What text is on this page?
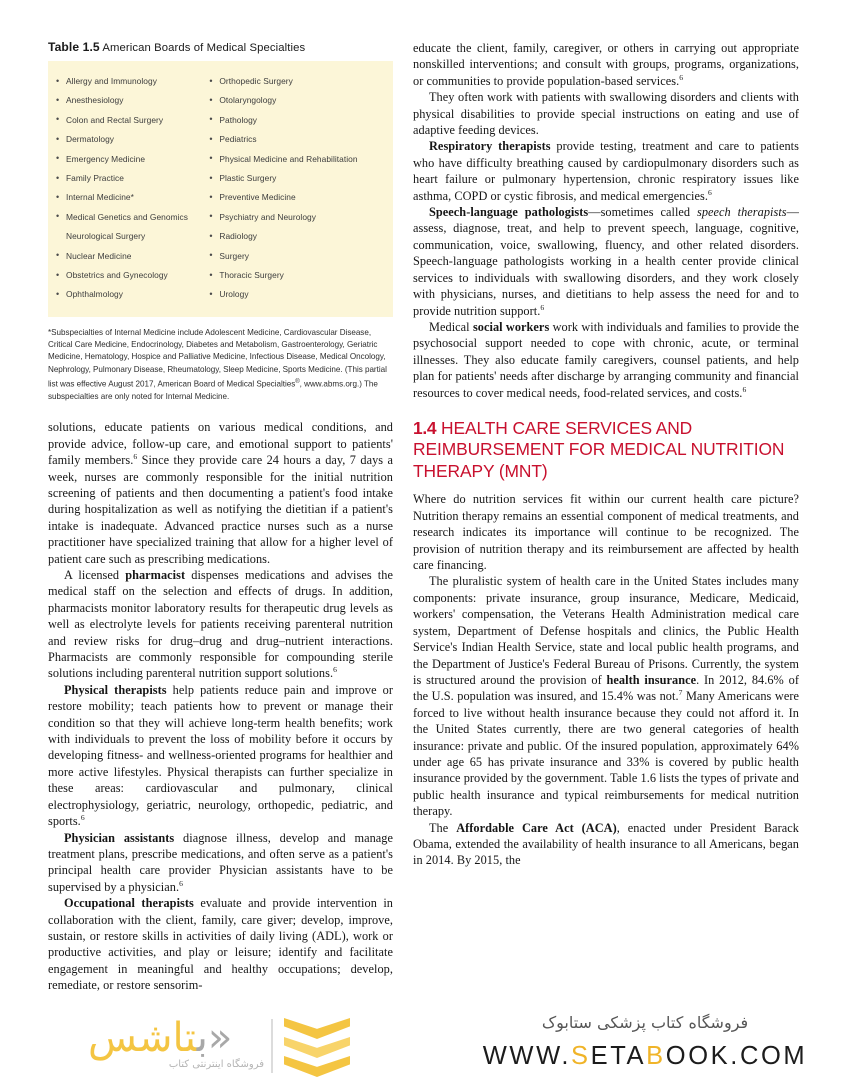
Table 1.5 American Boards of Medical Specialties
• Allergy and Immunology
• Anesthesiology
• Colon and Rectal Surgery
• Dermatology
• Emergency Medicine
• Family Practice
• Internal Medicine*
• Medical Genetics and Genomics Neurological Surgery
• Nuclear Medicine
• Obstetrics and Gynecology
• Ophthalmology
• Orthopedic Surgery
• Otolaryngology
• Pathology
• Pediatrics
• Physical Medicine and Rehabilitation
• Plastic Surgery
• Preventive Medicine
• Psychiatry and Neurology
• Radiology
• Surgery
• Thoracic Surgery
• Urology
*Subspecialties of Internal Medicine include Adolescent Medicine, Cardiovascular Disease, Critical Care Medicine, Endocrinology, Diabetes and Metabolism, Gastroenterology, Geriatric Medicine, Hematology, Hospice and Palliative Medicine, Infectious Disease, Medical Oncology, Nephrology, Pulmonary Disease, Rheumatology, Sleep Medicine, Sports Medicine. (This partial list was effective August 2017, American Board of Medical Specialties®, www.abms.org.) The subspecialties are only noted for Internal Medicine.

solutions, educate patients on various medical conditions, and provide advice, follow-up care, and emotional support to patients' family members.$^6$ Since they provide care 24 hours a day, 7 days a week, nurses are commonly responsible for the initial nutrition screening of patients and then documenting a patient's food intake during hospitalization as well as notifying the dietitian if a patient's intake is inadequate. Advanced practice nurses such as a nurse practitioner have specialized training that allow for a higher level of patient care such as prescribing medications.

A licensed pharmacist dispenses medications and advises the medical staff on the selection and effects of drugs. In addition, pharmacists monitor laboratory results for therapeutic drug levels as well as electrolyte levels for patients receiving parenteral nutrition and review risks for drug–drug and drug–nutrient interactions. Pharmacists are commonly responsible for compounding sterile solutions including parenteral nutrition support solutions.$^6$

Physical therapists help patients reduce pain and improve or restore mobility; teach patients how to prevent or manage their condition so that they will achieve long-term health benefits; work with individuals to prevent the loss of mobility before it occurs by developing fitness- and wellness-oriented programs for healthier and more active lifestyles. Physical therapists can further specialize in these areas: cardiovascular and pulmonary, clinical electrophysiology, geriatric, neurology, orthopedic, pediatric, and sports.$^6$

Physician assistants diagnose illness, develop and manage treatment plans, prescribe medications, and often serve as a patient's principal health care provider Physician assistants have to be supervised by a physician.$^6$

Occupational therapists evaluate and provide intervention in collaboration with the client, family, care giver; develop, improve, sustain, or restore skills in activities of daily living (ADL), work or productive activities, and play or leisure; identify and facilitate engagement in meaningful and healthy occupations; develop, remediate, or restore sensorim-

educate the client, family, caregiver, or others in carrying out appropriate nonskilled interventions; and consult with groups, programs, organizations, or communities to provide population-based services.$^6$

They often work with patients with swallowing disorders and clients with physical disabilities to provide special instructions on eating and use of adaptive feeding devices.

Respiratory therapists provide testing, treatment and care to patients who have difficulty breathing caused by cardiopulmonary disorders such as heart failure or pulmonary hypertension, chronic respiratory issues like asthma, COPD or cystic fibrosis, and medical emergencies.$^6$

Speech-language pathologists—sometimes called speech therapists—assess, diagnose, treat, and help to prevent speech, language, cognitive, communication, voice, swallowing, fluency, and other related disorders. Speech-language pathologists working in a health center provide clinical services to individuals with swallowing disorders, and they work closely with physicians, nurses, and dietitians to help assess the need for and to provide nutrition support.$^6$

Medical social workers work with individuals and families to provide the psychosocial support needed to cope with chronic, acute, or terminal illnesses. They also educate family caregivers, counsel patients, and help plan for patients' needs after discharge by arranging community and financial resources to cover medical needs, food-related services, and costs.$^6$

1.4 HEALTH CARE SERVICES AND REIMBURSEMENT FOR MEDICAL NUTRITION THERAPY (MNT)

Where do nutrition services fit within our current health care picture? Nutrition therapy remains an essential component of medical treatments, and research indicates its importance will continue to be recognized. The provision of nutrition therapy and its reimbursement are affected by health care financing.

The pluralistic system of health care in the United States includes many components: private insurance, group insurance, Medicare, Medicaid, workers' compensation, the Veterans Health Administration medical care system, Department of Defense hospitals and clinics, the Public Health Service's Indian Health Service, state and local public health programs, and the Department of Justice's Federal Bureau of Prisons. Currently, the system is structured around the provision of health insurance. In 2012, 84.6% of the U.S. population was insured, and 15.4% was not.$^7$ Many Americans were forced to live without health insurance because they could not afford it. In the United States currently, there are two general categories of health insurance: private and public. Of the insured population, approximately 64% under age 65 has private insurance and 33% is covered by public health insurance provided by the government. Table 1.6 lists the types of private and public health insurance and typical reimbursements for medical nutrition therapy.

The Affordable Care Act (ACA), enacted under President Barack Obama, extended the availability of health insurance to all Americans, began in 2014. By 2015, the

«بتاشس
فروشگاه اینترنتی کتاب
فروشگاه کتاب پزشکی ستابوک
WWW.SETABOOK.COM
